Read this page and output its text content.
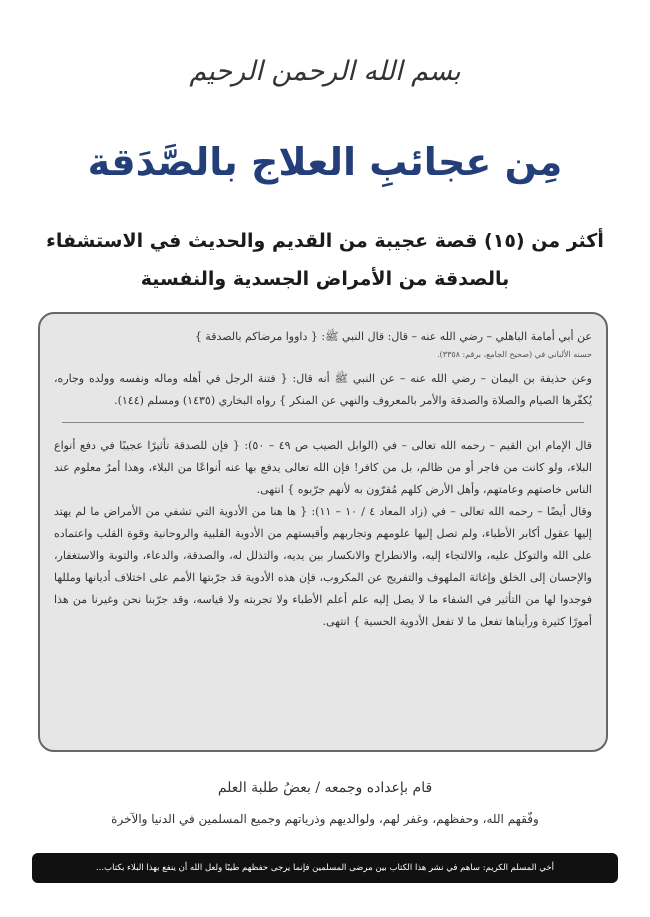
بسم الله الرحمن الرحيم
مِن عجائبِ العلاج بالصَّدَقة
أكثر من (١٥) قصة عجيبة من القديم والحديث في الاستشفاء
بالصدقة من الأمراض الجسدية والنفسية

عن أبي أمامة الباهلي – رضي الله عنه – قال: قال النبي ﷺ: { داووا مرضاكم بالصدقة }

حسنه الألباني في (صحيح الجامع، برقم: ٣٣٥٨).

وعن حذيفة بن اليمان – رضي الله عنه – عن النبي ﷺ أنه قال: { فتنة الرجل في أهله وماله ونفسه وولده وجاره، يُكفّرها الصيام والصلاة والصدقة والأمر بالمعروف والنهي عن المنكر } رواه البخاري (١٤٣٥) ومسلم (١٤٤).

قال الإمام ابن القيم – رحمه الله تعالى – في (الوابل الصيب ص ٤٩ – ٥٠): { فإن للصدقة تأثيرًا عجيبًا في دفع أنواع البلاء، ولو كانت من فاجر أو من ظالم، بل من كافر! فإن الله تعالى يدفع بها عنه أنواعًا من البلاء، وهذا أمرٌ معلوم عند الناس خاصتهم وعامتهم، وأهل الأرض كلهم مُقرّون به لأنهم جرّبوه } انتهى.

وقال أيضًا – رحمه الله تعالى – في (زاد المعاد ٤ / ١٠ – ١١): { ها هنا من الأدوية التي تشفي من الأمراض ما لم يهتد إليها عقول أكابر الأطباء، ولم تصل إليها علومهم وتجاربهم وأقيستهم من الأدوية القلبية والروحانية وقوة القلب واعتماده على الله والتوكل عليه، والالتجاء إليه، والانطراح والانكسار بين يديه، والتذلل له، والصدقة، والدعاء، والتوبة والاستغفار، والإحسان إلى الخلق وإغاثة الملهوف والتفريج عن المكروب، فإن هذه الأدوية قد جرّبتها الأمم على اختلاف أديانها ومللها فوجدوا لها من التأثير في الشفاء ما لا يصل إليه علم أعلم الأطباء ولا تجربته ولا قياسه، وقد جرّبنا نحن وغيرنا من هذا أمورًا كثيرة ورأيناها تفعل ما لا تفعل الأدوية الحسية } انتهى.

قام بإعداده وجمعه / بعضُ طلبة العلم
وفّقهم الله، وحفظهم، وغفر لهم، ولوالديهم وذرياتهم وجميع المسلمين في الدنيا والآخرة
أخي المسلم الكريم: ساهم في نشر هذا الكتاب بين مرضى المسلمين فإنما يرجى حفظهم طيبًا ولعل الله أن ينفع بهذا البلاء بكتاب...
